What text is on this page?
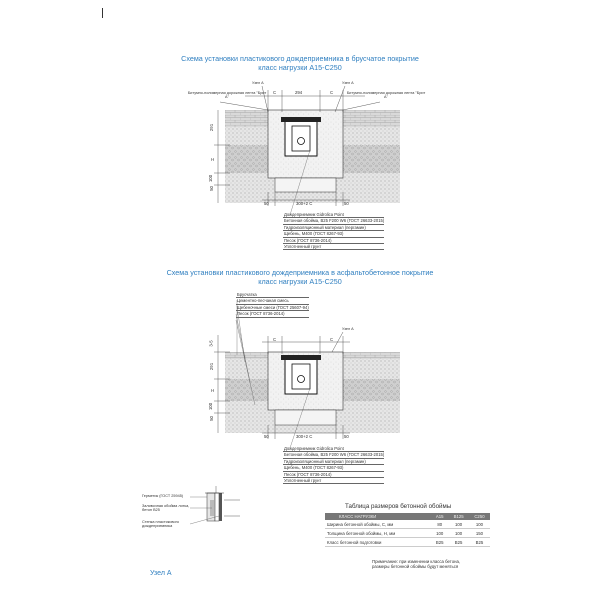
Схема установки пластикового дождеприемника в брусчатое покрытие
класс нагрузки A15-C250
Узел А	Узел А
Битумно-полимерная дорожная лента "Брит А"
Битумно-полимерная дорожная лента "Брит А"
294
C	C
291
H
100
50
50	300+2 С	50
Дождеприемник Gidrolica Point
Бетонная обойма, B25 F200 W6 (ГОСТ 26633-2015)
Гидроизоляционный материал (пергамин)
Щебень, М400 (ГОСТ 8267-93)
Песок (ГОСТ 8736-2014)
Уплотненный грунт
Схема установки пластикового дождеприемника в асфальтобетонное покрытие
класс нагрузки A15-C250
Брусчатка
Цементно-песчаная смесь
Щебеночные смеси (ГОСТ 25607-94)
Песок (ГОСТ 8736-2014)
Узел А
C	C
3-5
291
H
100
50
50	300+2 С	50
Дождеприемник Gidrolica Point
Бетонная обойма, B25 F200 W6 (ГОСТ 26633-2015)
Гидроизоляционный материал (пергамин)
Щебень, М400 (ГОСТ 8267-93)
Песок (ГОСТ 8736-2014)
Уплотненный грунт
Герметик (ГОСТ 25945)
Заливочная обойма лотка, бетон B25
Стенка пластикового дождеприемника
Узел А
Таблица размеров бетонной обоймы
КЛАСС НАГРУЗКИ	A15	B125	C250
Ширина бетонной обоймы, С, мм	80	100	100
Толщина бетонной обоймы, Н, мм	100	100	150
Класс бетонной подготовки	B25	B25	B25
Примечание: при изменении класса бетона,
размеры бетонной обоймы будут меняться
